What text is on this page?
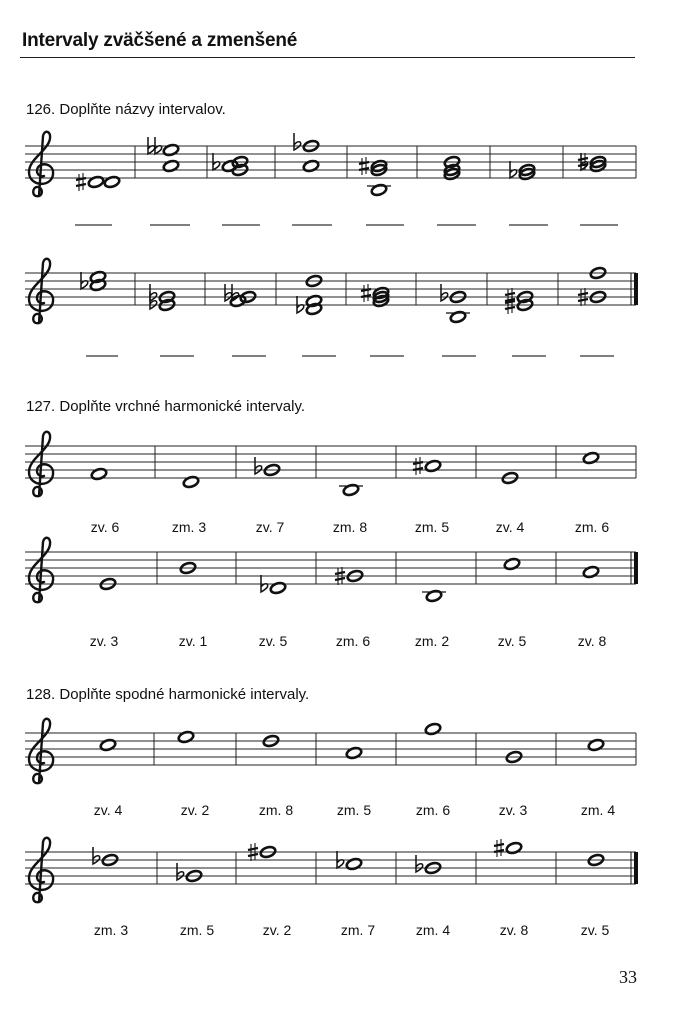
Intervaly zväčšené a zmenšené
126. Doplňte názvy intervalov.
127. Doplňte vrchné harmonické intervaly.
128. Doplňte spodné harmonické intervaly.
zv. 6	zm. 3	zv. 7	zm. 8	zm. 5	zv. 4	zm. 6
zv. 3	zv. 1	zv. 5	zm. 6	zm. 2	zv. 5	zv. 8
zv. 4	zv. 2	zm. 8	zm. 5	zm. 6	zv. 3	zm. 4
zm. 3	zm. 5	zv. 2	zm. 7	zm. 4	zv. 8	zv. 5
33
